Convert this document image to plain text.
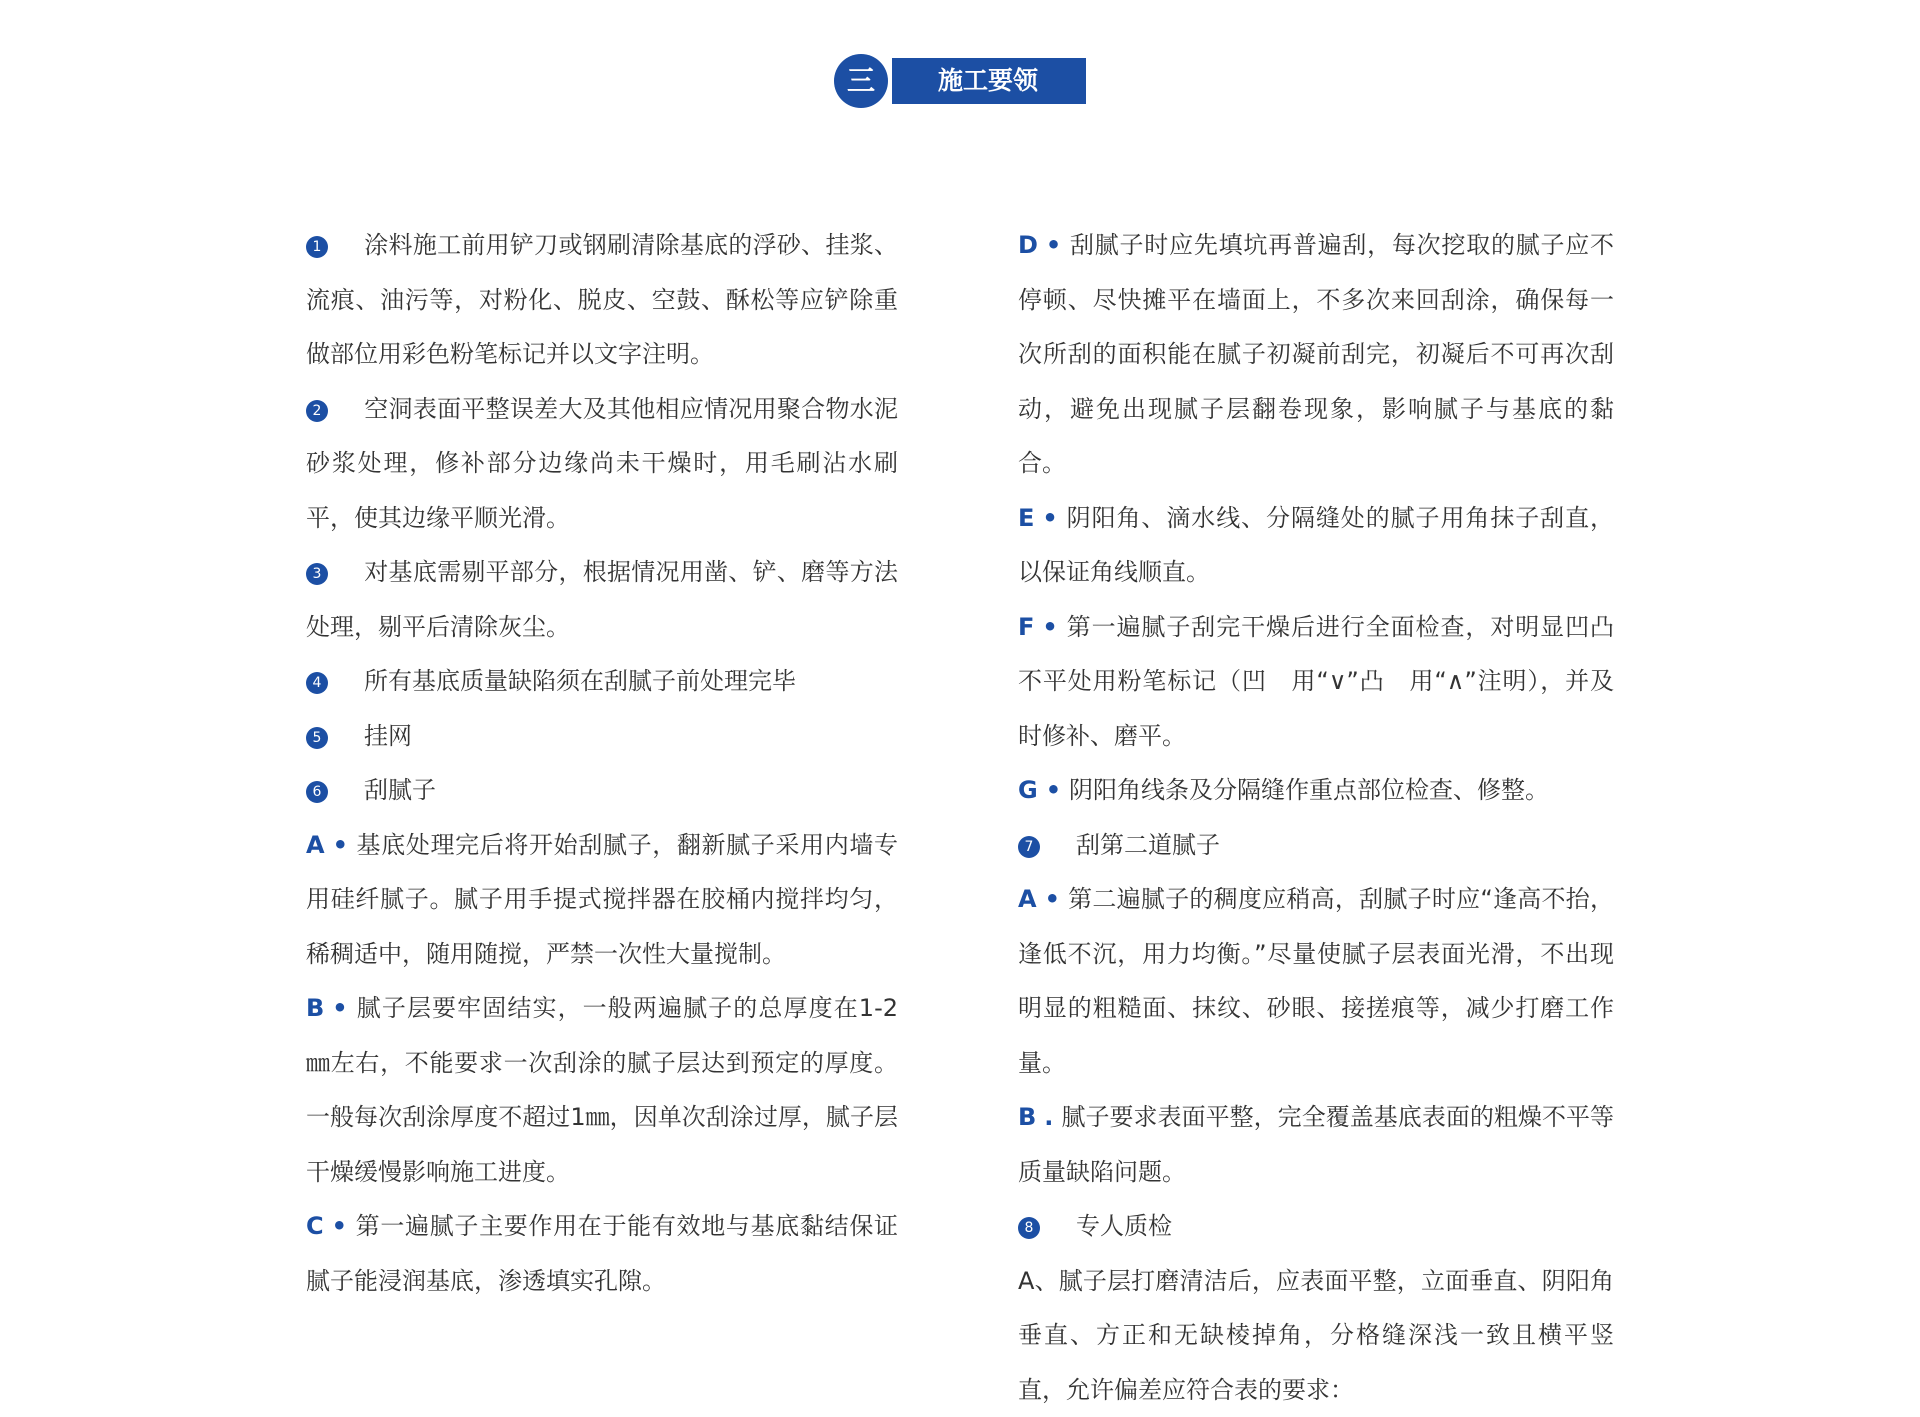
施工要领
三

1 涂料施工前用铲刀或钢刷清除基底的浮砂、挂浆、流痕、油污等，对粉化、脱皮、空鼓、酥松等应铲除重做部位用彩色粉笔标记并以文字注明。

2 空洞表面平整误差大及其他相应情况用聚合物水泥砂浆处理，修补部分边缘尚未干燥时，用毛刷沾水刷平，使其边缘平顺光滑。

3 对基底需剔平部分，根据情况用凿、铲、磨等方法处理，剔平后清除灰尘。

4 所有基底质量缺陷须在刮腻子前处理完毕

5 挂网

6 刮腻子

A • 基底处理完后将开始刮腻子，翻新腻子采用内墙专用硅纤腻子。腻子用手提式搅拌器在胶桶内搅拌均匀，稀稠适中，随用随搅，严禁一次性大量搅制。

B • 腻子层要牢固结实，一般两遍腻子的总厚度在1-2 ㎜左右，不能要求一次刮涂的腻子层达到预定的厚度。一般每次刮涂厚度不超过1㎜，因单次刮涂过厚，腻子层干燥缓慢影响施工进度。

C • 第一遍腻子主要作用在于能有效地与基底黏结保证腻子能浸润基底，渗透填实孔隙。

D • 刮腻子时应先填坑再普遍刮，每次挖取的腻子应不停顿、尽快摊平在墙面上，不多次来回刮涂，确保每一次所刮的面积能在腻子初凝前刮完，初凝后不可再次刮动，避免出现腻子层翻卷现象，影响腻子与基底的黏合。

E • 阴阳角、滴水线、分隔缝处的腻子用角抹子刮直，以保证角线顺直。

F • 第一遍腻子刮完干燥后进行全面检查，对明显凹凸不平处用粉笔标记（凹　用“∨”凸　用“∧”注明），并及时修补、磨平。

G • 阴阳角线条及分隔缝作重点部位检查、修整。

7 刮第二道腻子

A • 第二遍腻子的稠度应稍高，刮腻子时应“逢高不抬，逢低不沉，用力均衡。”尽量使腻子层表面光滑，不出现明显的粗糙面、抹纹、砂眼、接搓痕等，减少打磨工作量。

B . 腻子要求表面平整，完全覆盖基底表面的粗燥不平等质量缺陷问题。

8 专人质检

A、腻子层打磨清洁后，应表面平整，立面垂直、阴阳角垂直、方正和无缺棱掉角，分格缝深浅一致且横平竖直，允许偏差应符合表的要求：
